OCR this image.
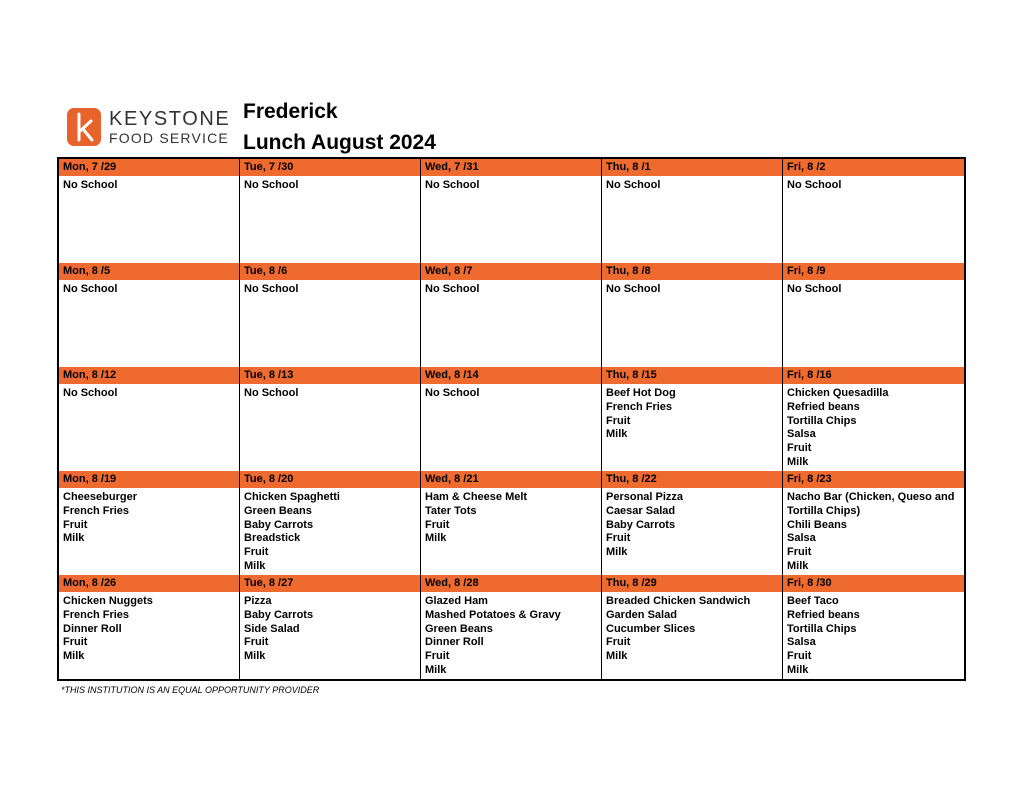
KEYSTONE
FOOD SERVICE
Frederick
Lunch August 2024
Mon, 7 /29
No School
Tue, 7 /30
No School
Wed, 7 /31
No School
Thu, 8 /1
No School
Fri, 8 /2
No School
Mon, 8 /5
No School
Tue, 8 /6
No School
Wed, 8 /7
No School
Thu, 8 /8
No School
Fri, 8 /9
No School
Mon, 8 /12
No School
Tue, 8 /13
No School
Wed, 8 /14
No School
Thu, 8 /15
Beef Hot Dog
French Fries
Fruit
Milk
Fri, 8 /16
Chicken Quesadilla
Refried beans
Tortilla Chips
Salsa
Fruit
Milk
Mon, 8 /19
Cheeseburger
French Fries
Fruit
Milk
Tue, 8 /20
Chicken Spaghetti
Green Beans
Baby Carrots
Breadstick
Fruit
Milk
Wed, 8 /21
Ham & Cheese Melt
Tater Tots
Fruit
Milk
Thu, 8 /22
Personal Pizza
Caesar Salad
Baby Carrots
Fruit
Milk
Fri, 8 /23
Nacho Bar (Chicken, Queso and Tortilla Chips)
Chili Beans
Salsa
Fruit
Milk
Mon, 8 /26
Chicken Nuggets
French Fries
Dinner Roll
Fruit
Milk
Tue, 8 /27
Pizza
Baby Carrots
Side Salad
Fruit
Milk
Wed, 8 /28
Glazed Ham
Mashed Potatoes & Gravy
Green Beans
Dinner Roll
Fruit
Milk
Thu, 8 /29
Breaded Chicken Sandwich
Garden Salad
Cucumber Slices
Fruit
Milk
Fri, 8 /30
Beef Taco
Refried beans
Tortilla Chips
Salsa
Fruit
Milk
*THIS INSTITUTION IS AN EQUAL OPPORTUNITY PROVIDER
